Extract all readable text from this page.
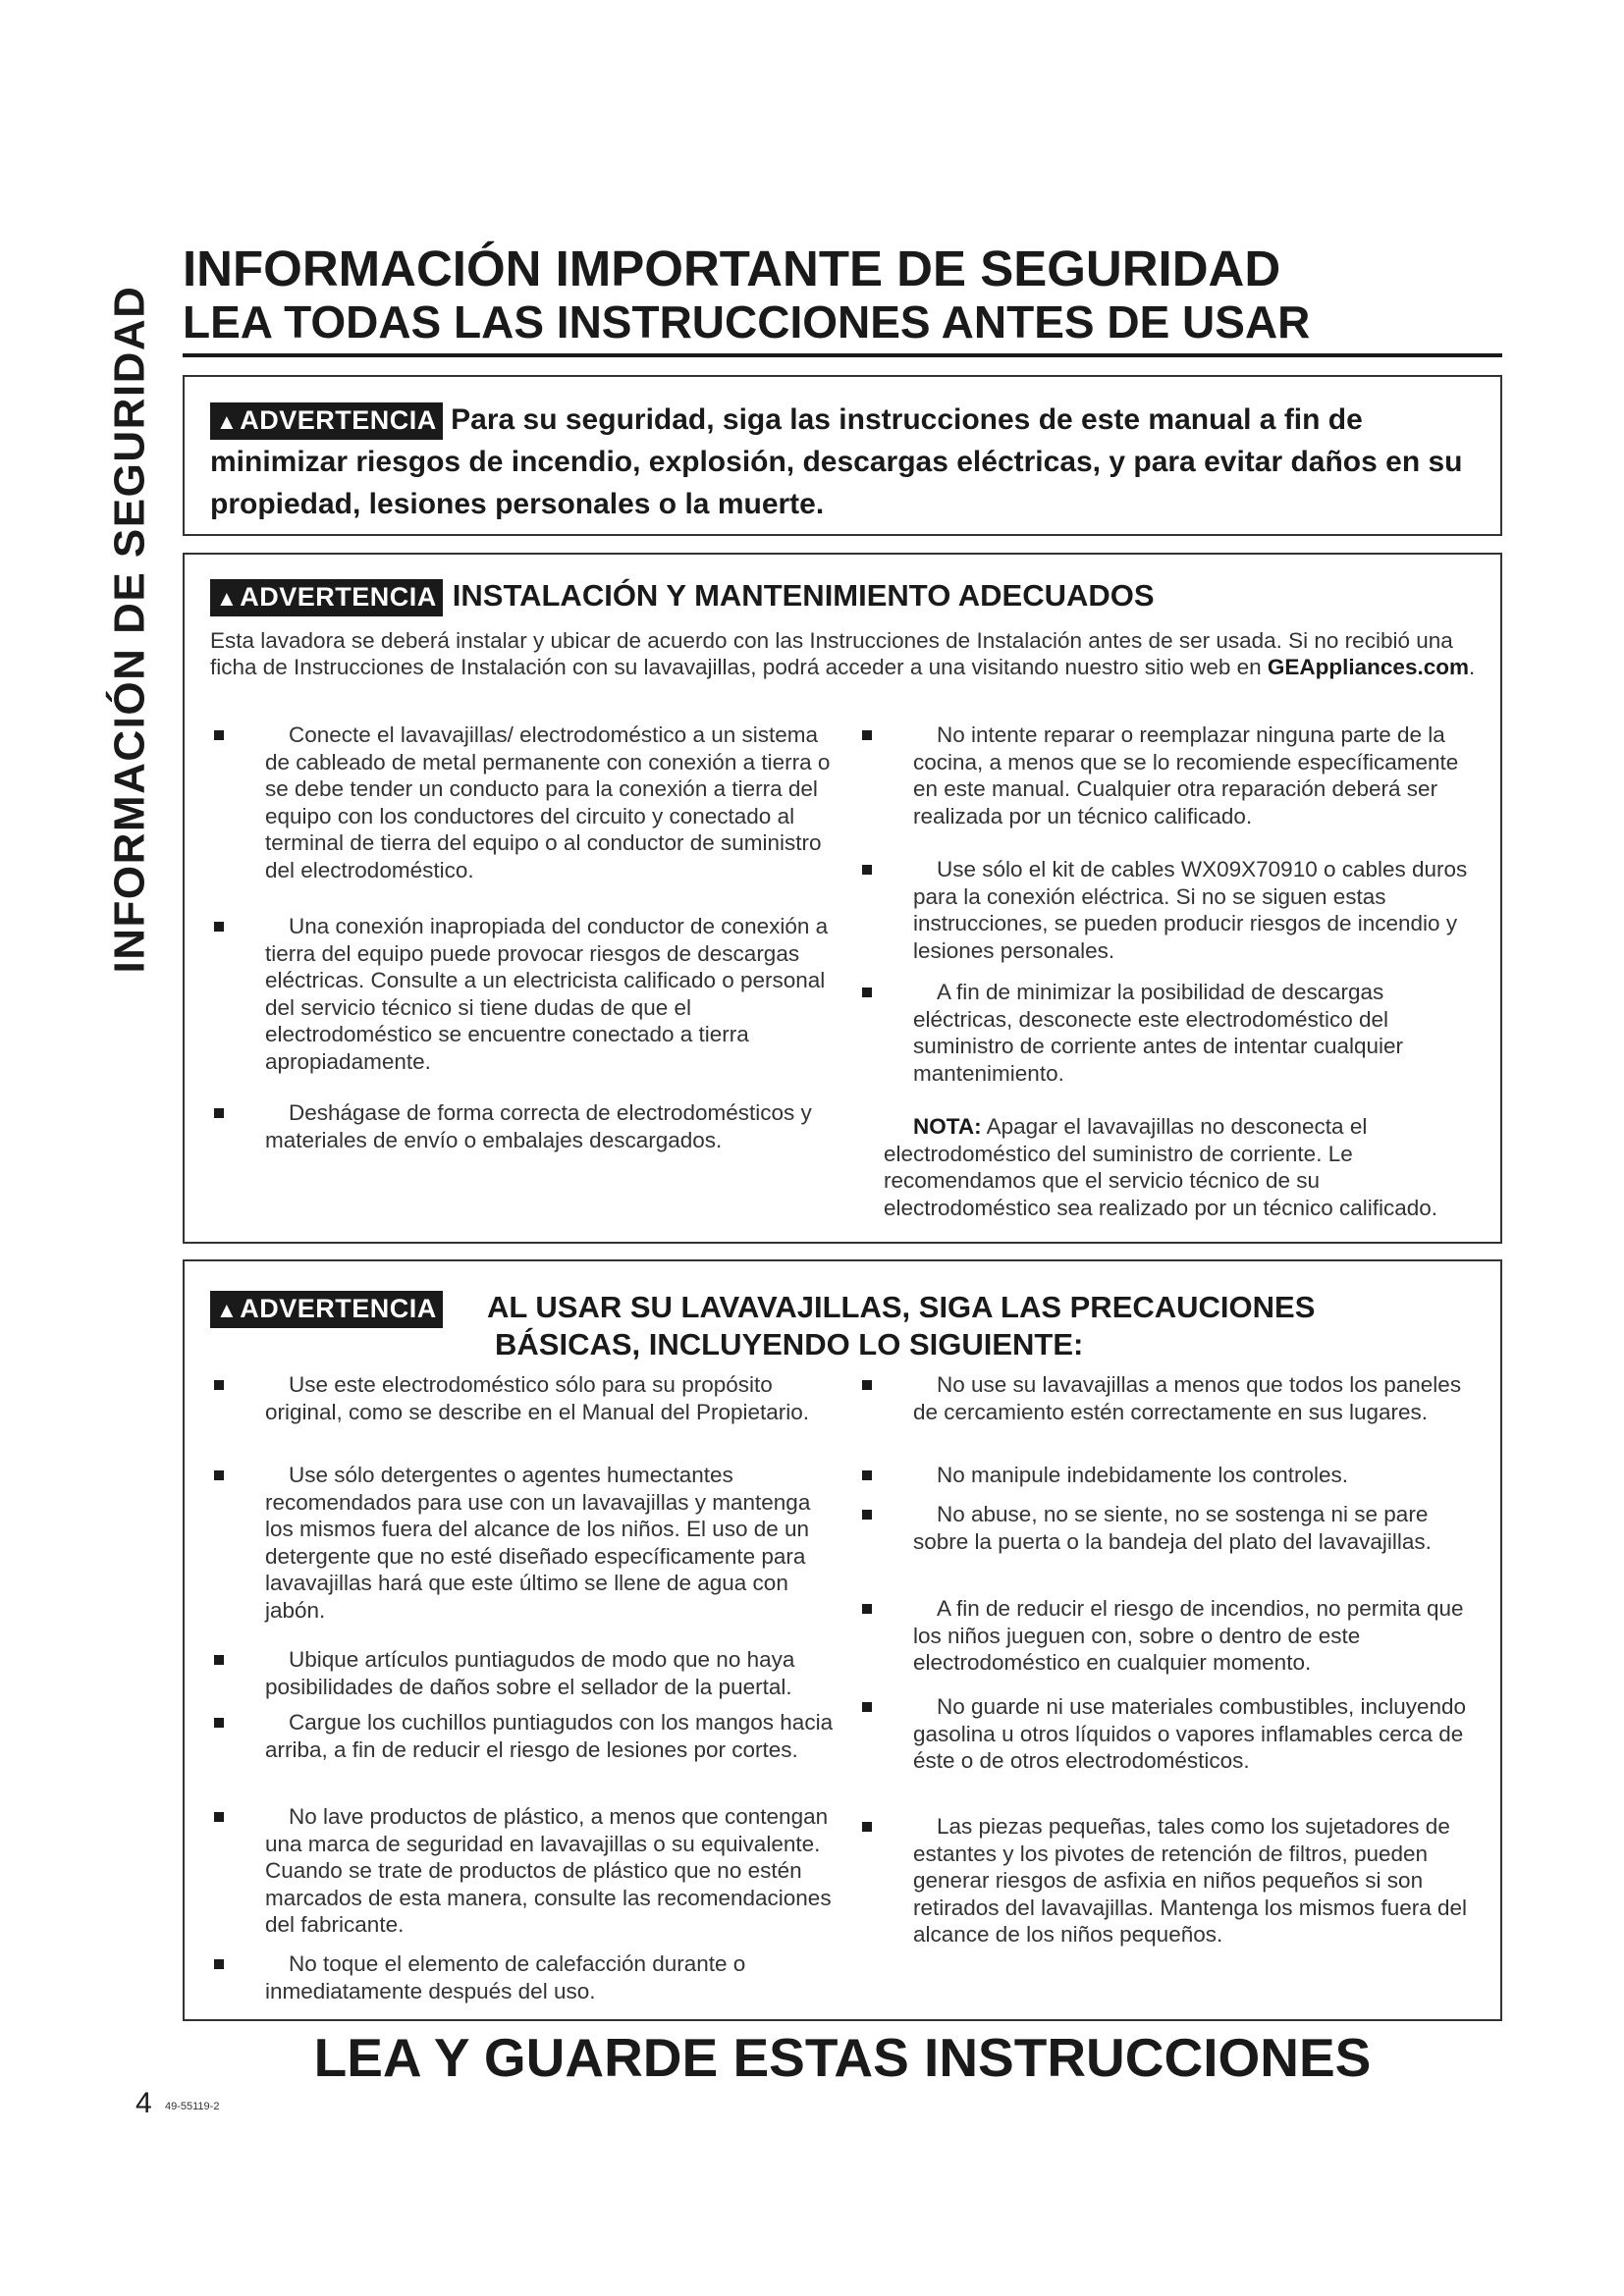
INFORMACIÓN DE SEGURIDAD
INFORMACIÓN IMPORTANTE DE SEGURIDAD
LEA TODAS LAS INSTRUCCIONES ANTES DE USAR
▲ADVERTENCIA Para su seguridad, siga las instrucciones de este manual a fin de minimizar riesgos de incendio, explosión, descargas eléctricas, y para evitar daños en su propiedad, lesiones personales o la muerte.
▲ADVERTENCIA INSTALACIÓN Y MANTENIMIENTO ADECUADOS
Esta lavadora se deberá instalar y ubicar de acuerdo con las Instrucciones de Instalación antes de ser usada. Si no recibió una ficha de Instrucciones de Instalación con su lavavajillas, podrá acceder a una visitando nuestro sitio web en GEAppliances.com.
Conecte el lavavajillas/ electrodoméstico a un sistema de cableado de metal permanente con conexión a tierra o se debe tender un conducto para la conexión a tierra del equipo con los conductores del circuito y conectado al terminal de tierra del equipo o al conductor de suministro del electrodoméstico.
Una conexión inapropiada del conductor de conexión a tierra del equipo puede provocar riesgos de descargas eléctricas. Consulte a un electricista calificado o personal del servicio técnico si tiene dudas de que el electrodoméstico se encuentre conectado a tierra apropiadamente.
Deshágase de forma correcta de electrodomésticos y materiales de envío o embalajes descargados.
No intente reparar o reemplazar ninguna parte de la cocina, a menos que se lo recomiende específicamente en este manual. Cualquier otra reparación deberá ser realizada por un técnico calificado.
Use sólo el kit de cables WX09X70910 o cables duros para la conexión eléctrica. Si no se siguen estas instrucciones, se pueden producir riesgos de incendio y lesiones personales.
A fin de minimizar la posibilidad de descargas eléctricas, desconecte este electrodoméstico del suministro de corriente antes de intentar cualquier mantenimiento.
NOTA: Apagar el lavavajillas no desconecta el electrodoméstico del suministro de corriente. Le recomendamos que el servicio técnico de su electrodoméstico sea realizado por un técnico calificado.
▲ADVERTENCIA AL USAR SU LAVAVAJILLAS, SIGA LAS PRECAUCIONES
BÁSICAS, INCLUYENDO LO SIGUIENTE:
Use este electrodoméstico sólo para su propósito original, como se describe en el Manual del Propietario.
Use sólo detergentes o agentes humectantes recomendados para use con un lavavajillas y mantenga los mismos fuera del alcance de los niños. El uso de un detergente que no esté diseñado específicamente para lavavajillas hará que este último se llene de agua con jabón.
Ubique artículos puntiagudos de modo que no haya posibilidades de daños sobre el sellador de la puertal.
Cargue los cuchillos puntiagudos con los mangos hacia arriba, a fin de reducir el riesgo de lesiones por cortes.
No lave productos de plástico, a menos que contengan una marca de seguridad en lavavajillas o su equivalente. Cuando se trate de productos de plástico que no estén marcados de esta manera, consulte las recomendaciones del fabricante.
No toque el elemento de calefacción durante o inmediatamente después del uso.
No use su lavavajillas a menos que todos los paneles de cercamiento estén correctamente en sus lugares.
No manipule indebidamente los controles.
No abuse, no se siente, no se sostenga ni se pare sobre la puerta o la bandeja del plato del lavavajillas.
A fin de reducir el riesgo de incendios, no permita que los niños jueguen con, sobre o dentro de este electrodoméstico en cualquier momento.
No guarde ni use materiales combustibles, incluyendo gasolina u otros líquidos o vapores inflamables cerca de éste o de otros electrodomésticos.
Las piezas pequeñas, tales como los sujetadores de estantes y los pivotes de retención de filtros, pueden generar riesgos de asfixia en niños pequeños si son retirados del lavavajillas. Mantenga los mismos fuera del alcance de los niños pequeños.
LEA Y GUARDE ESTAS INSTRUCCIONES
4 49-55119-2
